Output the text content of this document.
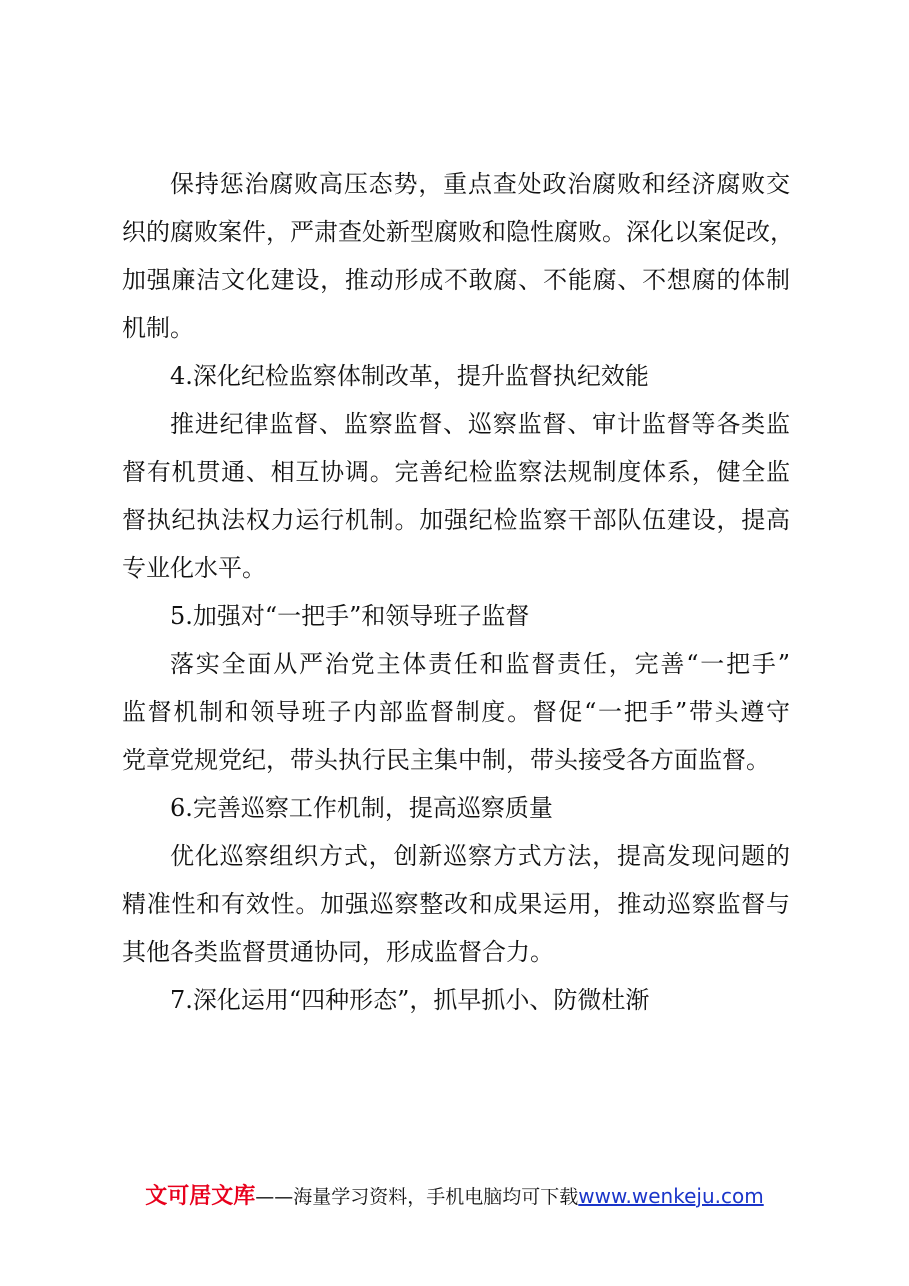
保持惩治腐败高压态势，重点查处政治腐败和经济腐败交
织的腐败案件，严肃查处新型腐败和隐性腐败。深化以案促改，
加强廉洁文化建设，推动形成不敢腐、不能腐、不想腐的体制
机制。
4.深化纪检监察体制改革，提升监督执纪效能
推进纪律监督、监察监督、巡察监督、审计监督等各类监
督有机贯通、相互协调。完善纪检监察法规制度体系，健全监
督执纪执法权力运行机制。加强纪检监察干部队伍建设，提高
专业化水平。
5.加强对“一把手”和领导班子监督
落实全面从严治党主体责任和监督责任，完善“一把手”
监督机制和领导班子内部监督制度。督促“一把手”带头遵守
党章党规党纪，带头执行民主集中制，带头接受各方面监督。
6.完善巡察工作机制，提高巡察质量
优化巡察组织方式，创新巡察方式方法，提高发现问题的
精准性和有效性。加强巡察整改和成果运用，推动巡察监督与
其他各类监督贯通协同，形成监督合力。
7.深化运用“四种形态”，抓早抓小、防微杜渐
文可居文库——海量学习资料，手机电脑均可下载www.wenkeju.com
